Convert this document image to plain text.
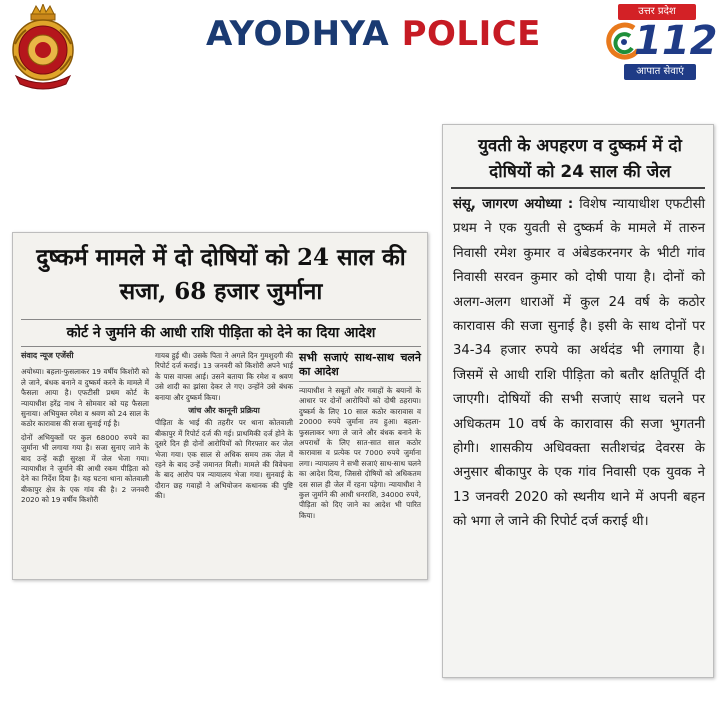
AYODHYA POLICE
उत्तर प्रदेश
112
आपात सेवाएं
दुष्कर्म मामले में दो दोषियों को 24 साल की सजा, 68 हजार जुर्माना
कोर्ट ने जुर्माने की आधी राशि पीड़िता को देने का दिया आदेश
संवाद न्यूज एजेंसी

अयोध्या। बहला-फुसलाकर 19 वर्षीय किशोरी को ले जाने, बंधक बनाने व दुष्कर्म करने के मामले में फैसला आया है। एफटीसी प्रथम कोर्ट के न्यायाधीश हरेंद्र नाथ ने सोमवार को यह फैसला सुनाया। अभियुक्त रमेश व श्रवण को 24 साल के कठोर कारावास की सजा सुनाई गई है।

दोनों अभियुक्तों पर कुल 68000 रुपये का जुर्माना भी लगाया गया है। सजा सुनाए जाने के बाद उन्हें कड़ी सुरक्षा में जेल भेजा गया। न्यायाधीश ने जुर्माने की आधी रकम पीड़िता को देने का निर्देश दिया है। यह घटना थाना कोतवाली बीकापुर क्षेत्र के एक गांव की है। 2 जनवरी 2020 को 19 वर्षीय किशोरी

गायब हुई थी। उसके पिता ने अगले दिन गुमशुदगी की रिपोर्ट दर्ज कराई। 13 जनवरी को किशोरी अपने भाई के पास वापस आई। उसने बताया कि रमेश व श्रवण उसे शादी का झांसा देकर ले गए। उन्होंने उसे बंधक बनाया और दुष्कर्म किया।

जांच और कानूनी प्रक्रिया

पीड़िता के भाई की तहरीर पर थाना कोतवाली बीकापुर में रिपोर्ट दर्ज की गई। प्राथमिकी दर्ज होने के दूसरे दिन ही दोनों आरोपियों को गिरफ्तार कर जेल भेजा गया। एक साल से अधिक समय तक जेल में रहने के बाद उन्हें जमानत मिली। मामले की विवेचना के बाद आरोप पत्र न्यायालय भेजा गया। सुनवाई के दौरान छह गवाहों ने अभियोजन कथानक की पुष्टि की।

सभी सजाएं साथ-साथ चलने का आदेश

न्यायाधीश ने सबूतों और गवाहों के बयानों के आधार पर दोनों आरोपियों को दोषी ठहराया। दुष्कर्म के लिए 10 साल कठोर कारावास व 20000 रुपये जुर्माना तय हुआ। बहला-फुसलाकर भगा ले जाने और बंधक बनाने के अपराधों के लिए सात-सात साल कठोर कारावास व प्रत्येक पर 7000 रुपये जुर्माना लगा। न्यायालय ने सभी सजाएं साथ-साथ चलने का आदेश दिया, जिससे दोषियों को अधिकतम दस साल ही जेल में रहना पड़ेगा। न्यायाधीश ने कुल जुर्माने की आधी धनराशि, 34000 रुपये, पीड़िता को दिए जाने का आदेश भी पारित किया।

युवती के अपहरण व दुष्कर्म में दो दोषियों को 24 साल की जेल
संसू, जागरण अयोध्या : विशेष न्यायाधीश एफटीसी प्रथम ने एक युवती से दुष्कर्म के मामले में तारुन निवासी रमेश कुमार व अंबेडकरनगर के भीटी गांव निवासी सरवन कुमार को दोषी पाया है। दोनों को अलग-अलग धाराओं में कुल 24 वर्ष के कठोर कारावास की सजा सुनाई है। इसी के साथ दोनों पर 34-34 हजार रुपये का अर्थदंड भी लगाया है। जिसमें से आधी राशि पीड़िता को बतौर क्षतिपूर्ति दी जाएगी। दोषियों की सभी सजाएं साथ चलने पर अधिकतम 10 वर्ष के कारावास की सजा भुगतनी होगी। शासकीय अधिवक्ता सतीशचंद्र देवरस के अनुसार बीकापुर के एक गांव निवासी एक युवक ने 13 जनवरी 2020 को स्थनीय थाने में अपनी बहन को भगा ले जाने की रिपोर्ट दर्ज कराई थी।
